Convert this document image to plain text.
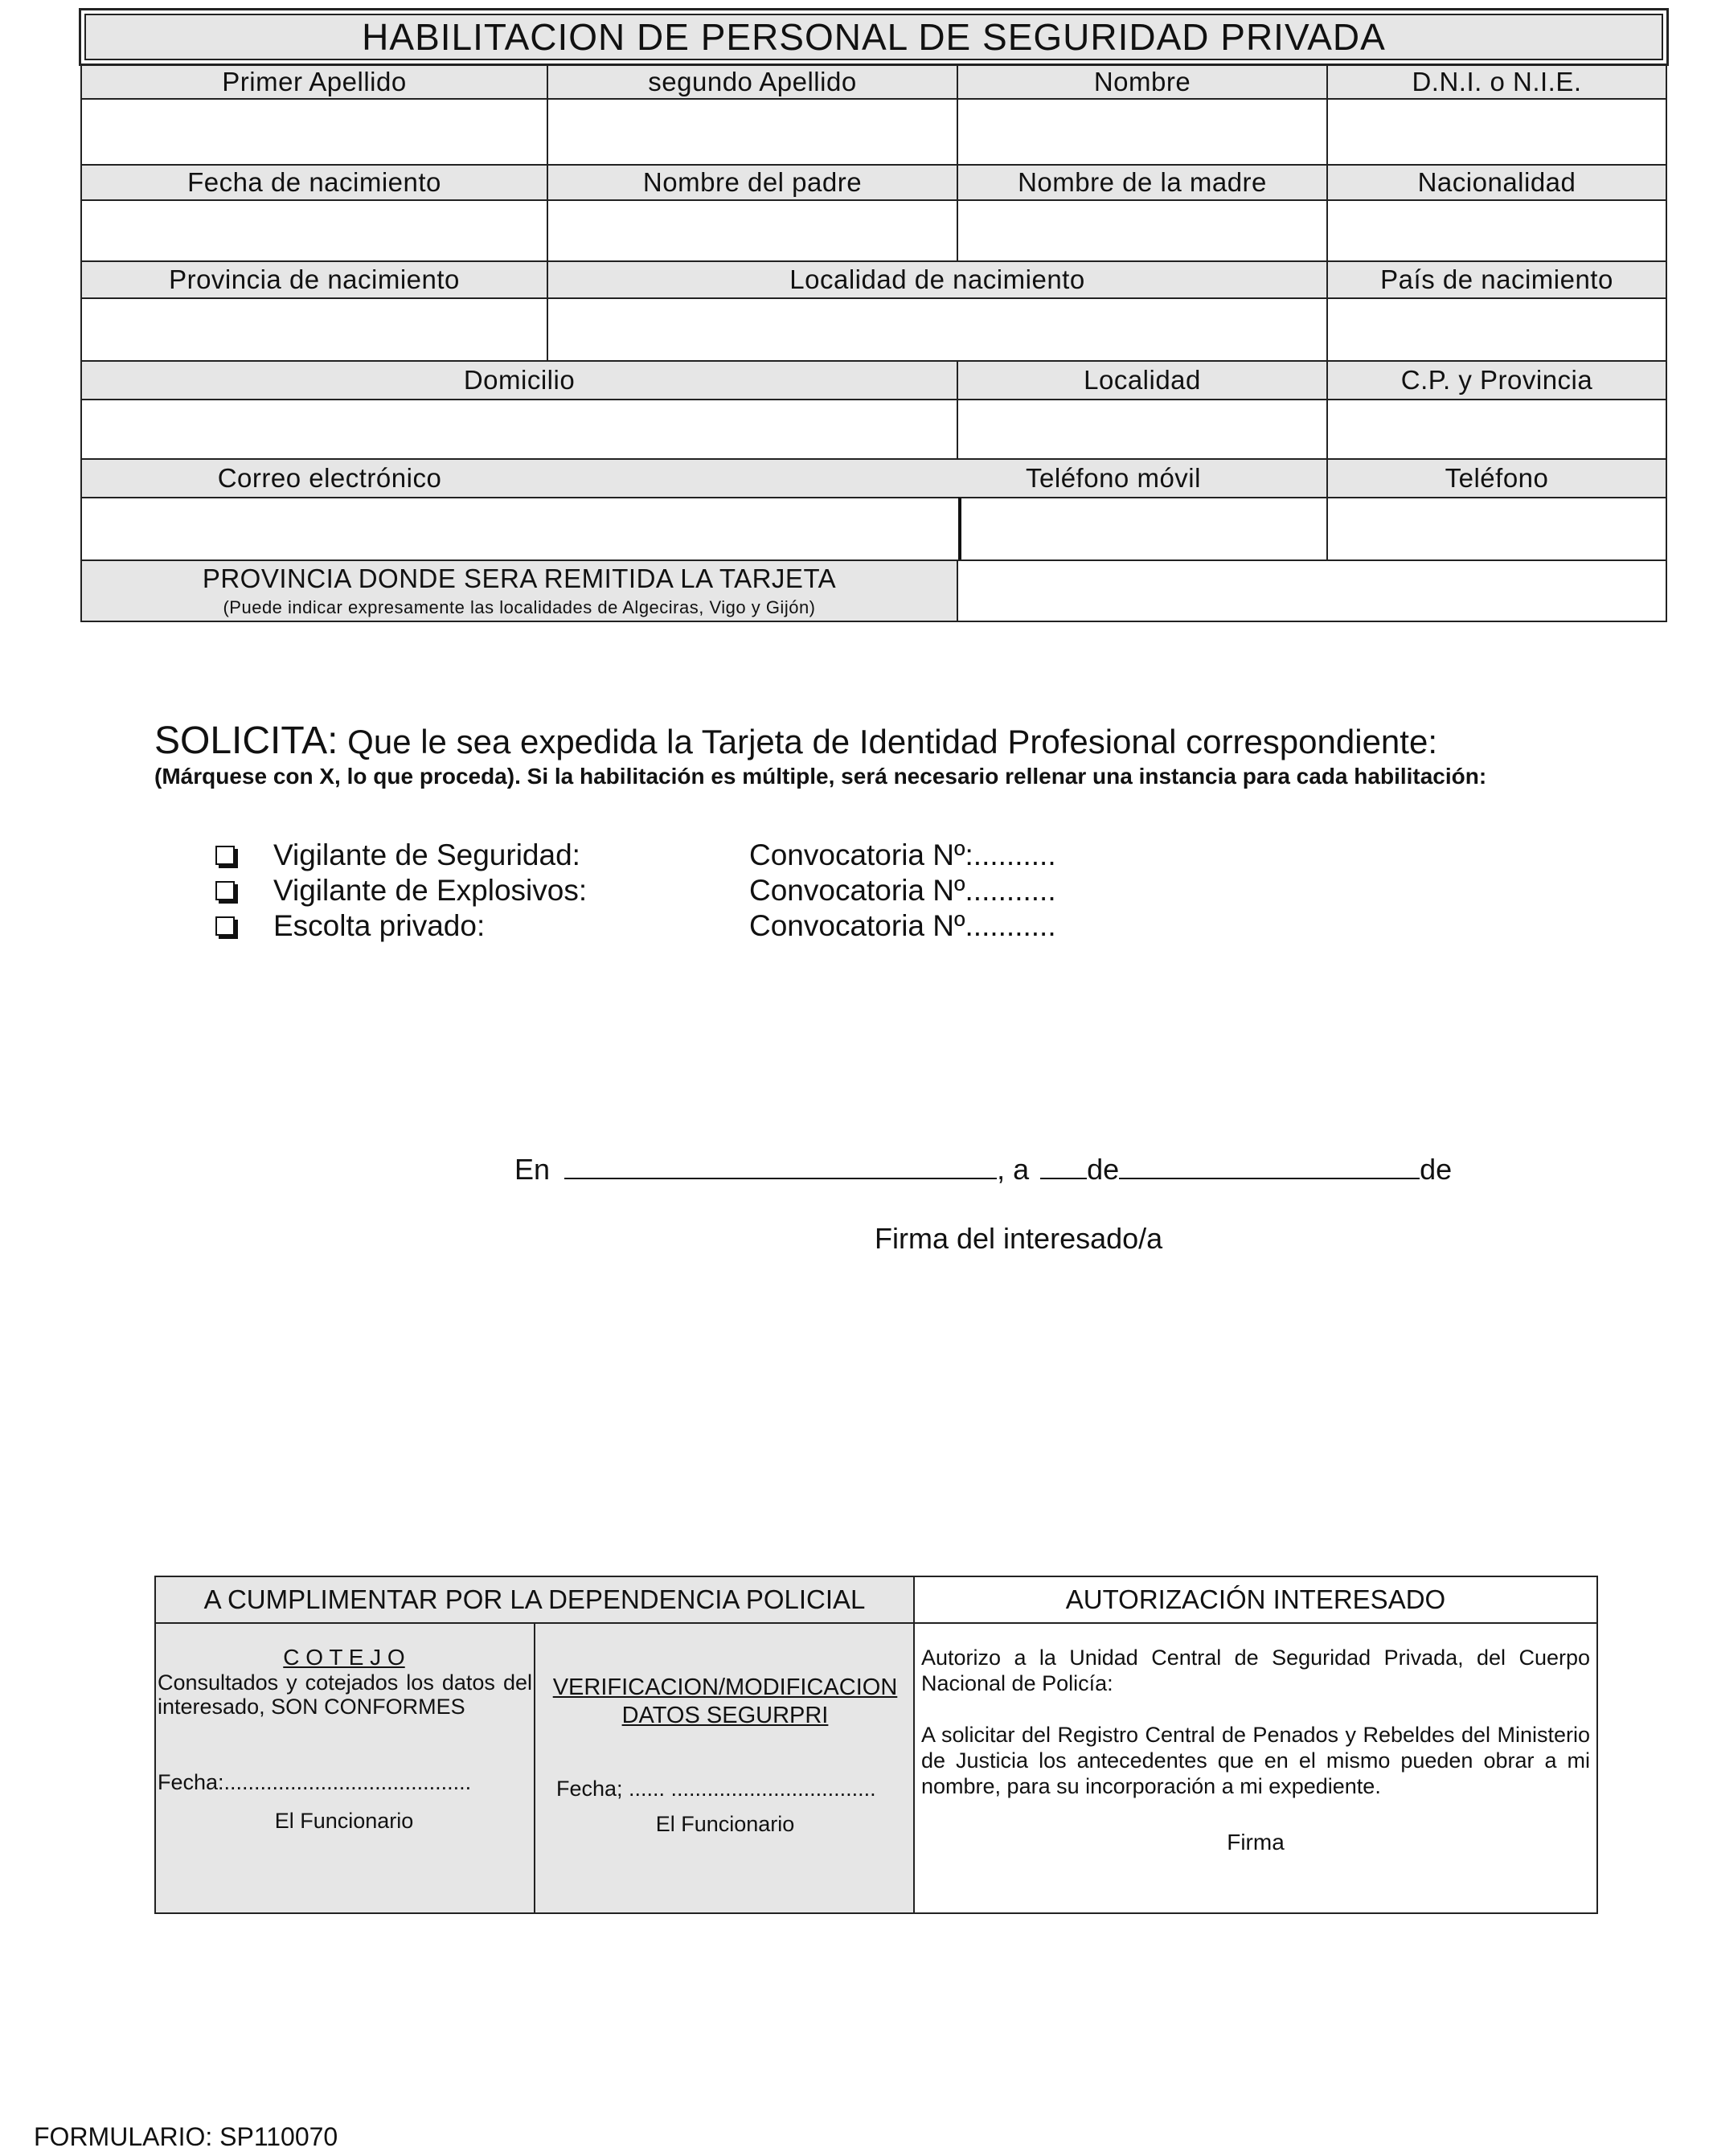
HABILITACION DE PERSONAL DE SEGURIDAD PRIVADA
Primer Apellido	segundo Apellido	Nombre	D.N.I. o N.I.E.
Fecha de nacimiento	Nombre del padre	Nombre de la madre	Nacionalidad
Provincia de nacimiento	Localidad de nacimiento	País de nacimiento
Domicilio	Localidad	C.P. y Provincia
Correo electrónico	Teléfono móvil	Teléfono
PROVINCIA DONDE SERA REMITIDA LA TARJETA
(Puede indicar expresamente las localidades de Algeciras, Vigo y Gijón)
SOLICITA: Que le sea expedida la Tarjeta de Identidad Profesional correspondiente:
(Márquese con X, lo que proceda). Si la habilitación es múltiple, será necesario rellenar una instancia para cada habilitación:
Vigilante de Seguridad:	Convocatoria Nº:..........
Vigilante de Explosivos:	Convocatoria Nº...........
Escolta privado:	Convocatoria Nº...........
En	, a de	de
Firma del interesado/a
A CUMPLIMENTAR POR LA DEPENDENCIA POLICIAL	AUTORIZACIÓN INTERESADO
C O T E J O
Consultados y cotejados los datos del interesado, SON CONFORMES
Fecha:.........................................
El Funcionario
VERIFICACION/MODIFICACION DATOS SEGURPRI
Fecha; ...... ..................................
El Funcionario
Autorizo a la Unidad Central de Seguridad Privada, del Cuerpo Nacional de Policía:
A solicitar del Registro Central de Penados y Rebeldes del Ministerio de Justicia los antecedentes que en el mismo pueden obrar a mi nombre, para su incorporación a mi expediente.
Firma
FORMULARIO: SP110070
